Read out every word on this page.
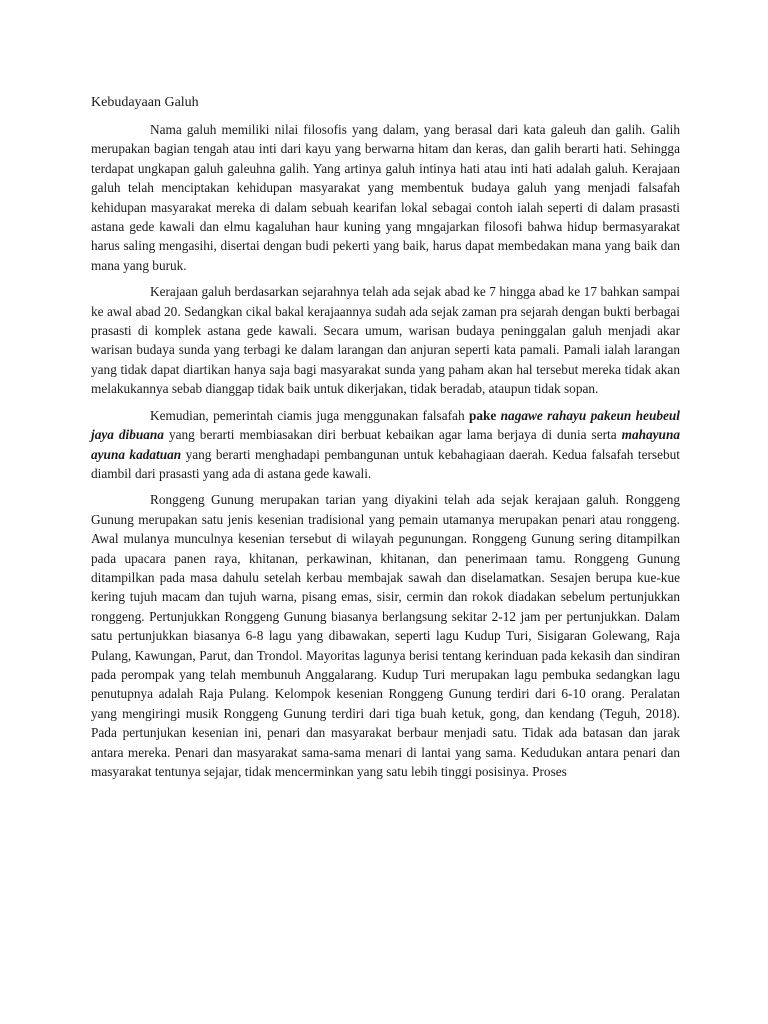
Kebudayaan Galuh

Nama galuh memiliki nilai filosofis yang dalam, yang berasal dari kata galeuh dan galih. Galih merupakan bagian tengah atau inti dari kayu yang berwarna hitam dan keras, dan galih berarti hati. Sehingga terdapat ungkapan galuh galeuhna galih. Yang artinya galuh intinya hati atau inti hati adalah galuh. Kerajaan galuh telah menciptakan kehidupan masyarakat yang membentuk budaya galuh yang menjadi falsafah kehidupan masyarakat mereka di dalam sebuah kearifan lokal sebagai contoh ialah seperti di dalam prasasti astana gede kawali dan elmu kagaluhan haur kuning yang mngajarkan filosofi bahwa hidup bermasyarakat harus saling mengasihi, disertai dengan budi pekerti yang baik, harus dapat membedakan mana yang baik dan mana yang buruk.

Kerajaan galuh berdasarkan sejarahnya telah ada sejak abad ke 7 hingga abad ke 17 bahkan sampai ke awal abad 20. Sedangkan cikal bakal kerajaannya sudah ada sejak zaman pra sejarah dengan bukti berbagai prasasti di komplek astana gede kawali. Secara umum, warisan budaya peninggalan galuh menjadi akar warisan budaya sunda yang terbagi ke dalam larangan dan anjuran seperti kata pamali. Pamali ialah larangan yang tidak dapat diartikan hanya saja bagi masyarakat sunda yang paham akan hal tersebut mereka tidak akan melakukannya sebab dianggap tidak baik untuk dikerjakan, tidak beradab, ataupun tidak sopan.

Kemudian, pemerintah ciamis juga menggunakan falsafah pake nagawe rahayu pakeun heubeul jaya dibuana yang berarti membiasakan diri berbuat kebaikan agar lama berjaya di dunia serta mahayuna ayuna kadatuan yang berarti menghadapi pembangunan untuk kebahagiaan daerah. Kedua falsafah tersebut diambil dari prasasti yang ada di astana gede kawali.

Ronggeng Gunung merupakan tarian yang diyakini telah ada sejak kerajaan galuh. Ronggeng Gunung merupakan satu jenis kesenian tradisional yang pemain utamanya merupakan penari atau ronggeng. Awal mulanya munculnya kesenian tersebut di wilayah pegunungan. Ronggeng Gunung sering ditampilkan pada upacara panen raya, khitanan, perkawinan, khitanan, dan penerimaan tamu. Ronggeng Gunung ditampilkan pada masa dahulu setelah kerbau membajak sawah dan diselamatkan. Sesajen berupa kue-kue kering tujuh macam dan tujuh warna, pisang emas, sisir, cermin dan rokok diadakan sebelum pertunjukkan ronggeng. Pertunjukkan Ronggeng Gunung biasanya berlangsung sekitar 2-12 jam per pertunjukkan. Dalam satu pertunjukkan biasanya 6-8 lagu yang dibawakan, seperti lagu Kudup Turi, Sisigaran Golewang, Raja Pulang, Kawungan, Parut, dan Trondol. Mayoritas lagunya berisi tentang kerinduan pada kekasih dan sindiran pada perompak yang telah membunuh Anggalarang. Kudup Turi merupakan lagu pembuka sedangkan lagu penutupnya adalah Raja Pulang. Kelompok kesenian Ronggeng Gunung terdiri dari 6-10 orang. Peralatan yang mengiringi musik Ronggeng Gunung terdiri dari tiga buah ketuk, gong, dan kendang (Teguh, 2018). Pada pertunjukan kesenian ini, penari dan masyarakat berbaur menjadi satu. Tidak ada batasan dan jarak antara mereka. Penari dan masyarakat sama-sama menari di lantai yang sama. Kedudukan antara penari dan masyarakat tentunya sejajar, tidak mencerminkan yang satu lebih tinggi posisinya. Proses
